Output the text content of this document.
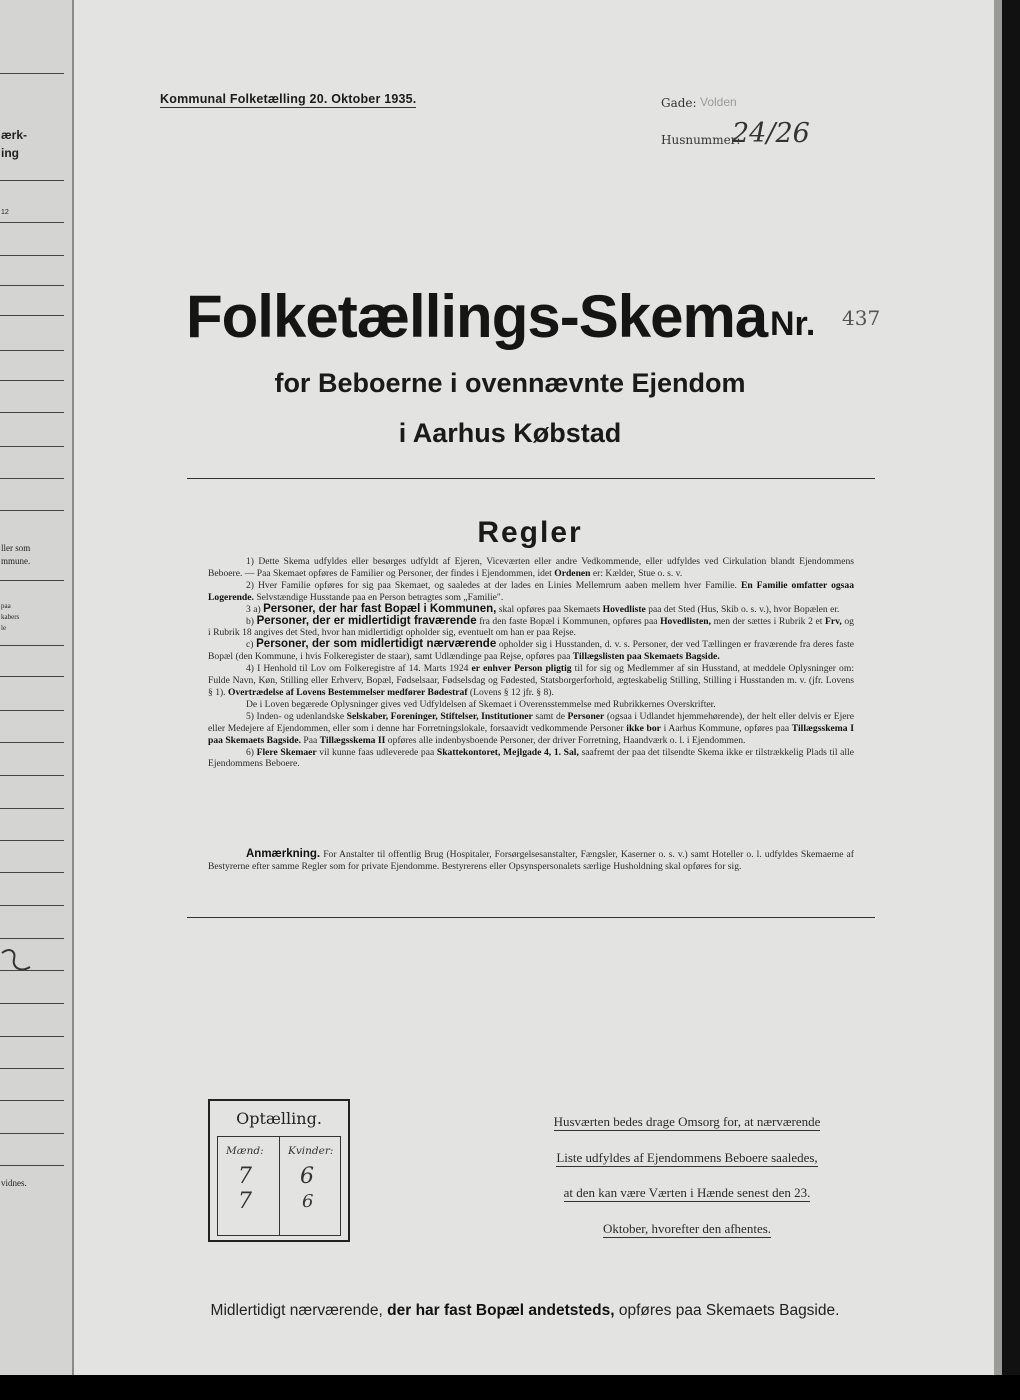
ærk-
ing
12
ller som
mmune.
paa
kabers
le
vidnes.
Kommunal Folketælling 20. Oktober 1935.	Gade: Volden
Husnummer:
24/26
Folketællings-Skema Nr. 437
for Beboerne i ovennævnte Ejendom
i Aarhus Købstad
Regler

1) Dette Skema udfyldes eller besørges udfyldt af Ejeren, Viceværten eller andre Vedkommende, eller udfyldes ved Cirkulation blandt Ejendommens Beboere. — Paa Skemaet opføres de Familier og Personer, der findes i Ejendommen, idet Ordenen er: Kælder, Stue o. s. v.

2) Hver Familie opføres for sig paa Skemaet, og saaledes at der lades en Linies Mellemrum aaben mellem hver Familie. En Familie omfatter ogsaa Logerende. Selvstændige Husstande paa en Person betragtes som „Familie".

3 a) Personer, der har fast Bopæl i Kommunen, skal opføres paa Skemaets Hovedliste paa det Sted (Hus, Skib o. s. v.), hvor Bopælen er.

b) Personer, der er midlertidigt fraværende fra den faste Bopæl i Kommunen, opføres paa Hovedlisten, men der sættes i Rubrik 2 et Frv, og i Rubrik 18 angives det Sted, hvor han midlertidigt opholder sig, eventuelt om han er paa Rejse.

c) Personer, der som midlertidigt nærværende opholder sig i Husstanden, d. v. s. Personer, der ved Tællingen er fraværende fra deres faste Bopæl (den Kommune, i hvis Folkeregister de staar), samt Udlændinge paa Rejse, opføres paa Tillægslisten paa Skemaets Bagside.

4) I Henhold til Lov om Folkeregistre af 14. Marts 1924 er enhver Person pligtig til for sig og Medlemmer af sin Husstand, at meddele Oplysninger om: Fulde Navn, Køn, Stilling eller Erhverv, Bopæl, Fødselsaar, Fødselsdag og Fødested, Statsborgerforhold, ægteskabelig Stilling, Stilling i Husstanden m. v. (jfr. Lovens § 1). Overtrædelse af Lovens Bestemmelser medfører Bødestraf (Lovens § 12 jfr. § 8).

De i Loven begærede Oplysninger gives ved Udfyldelsen af Skemaet i Overensstemmelse med Rubrikkernes Overskrifter.

5) Inden- og udenlandske Selskaber, Foreninger, Stiftelser, Institutioner samt de Personer (ogsaa i Udlandet hjemmehørende), der helt eller delvis er Ejere eller Medejere af Ejendommen, eller som i denne har Forretningslokale, forsaavidt vedkommende Personer ikke bor i Aarhus Kommune, opføres paa Tillægsskema I paa Skemaets Bagside. Paa Tillægsskema II opføres alle indenbysboende Personer, der driver Forretning, Haandværk o. l. i Ejendommen.

6) Flere Skemaer vil kunne faas udleverede paa Skattekontoret, Mejlgade 4, 1. Sal, saafremt der paa det tilsendte Skema ikke er tilstrækkelig Plads til alle Ejendommens Beboere.

Anmærkning. For Anstalter til offentlig Brug (Hospitaler, Forsørgelsesanstalter, Fængsler, Kaserner o. s. v.) samt Hoteller o. l. udfyldes Skemaerne af Bestyrerne efter samme Regler som for private Ejendomme. Bestyrerens eller Opsynspersonalets særlige Husholdning skal opføres for sig.
Optælling.
Mænd: Kvinder:
7
7
6
6
Husværten bedes drage Omsorg for, at nærværende
Liste udfyldes af Ejendommens Beboere saaledes,
at den kan være Værten i Hænde senest den 23.
Oktober, hvorefter den afhentes.
Midlertidigt nærværende, der har fast Bopæl andetsteds, opføres paa Skemaets Bagside.
